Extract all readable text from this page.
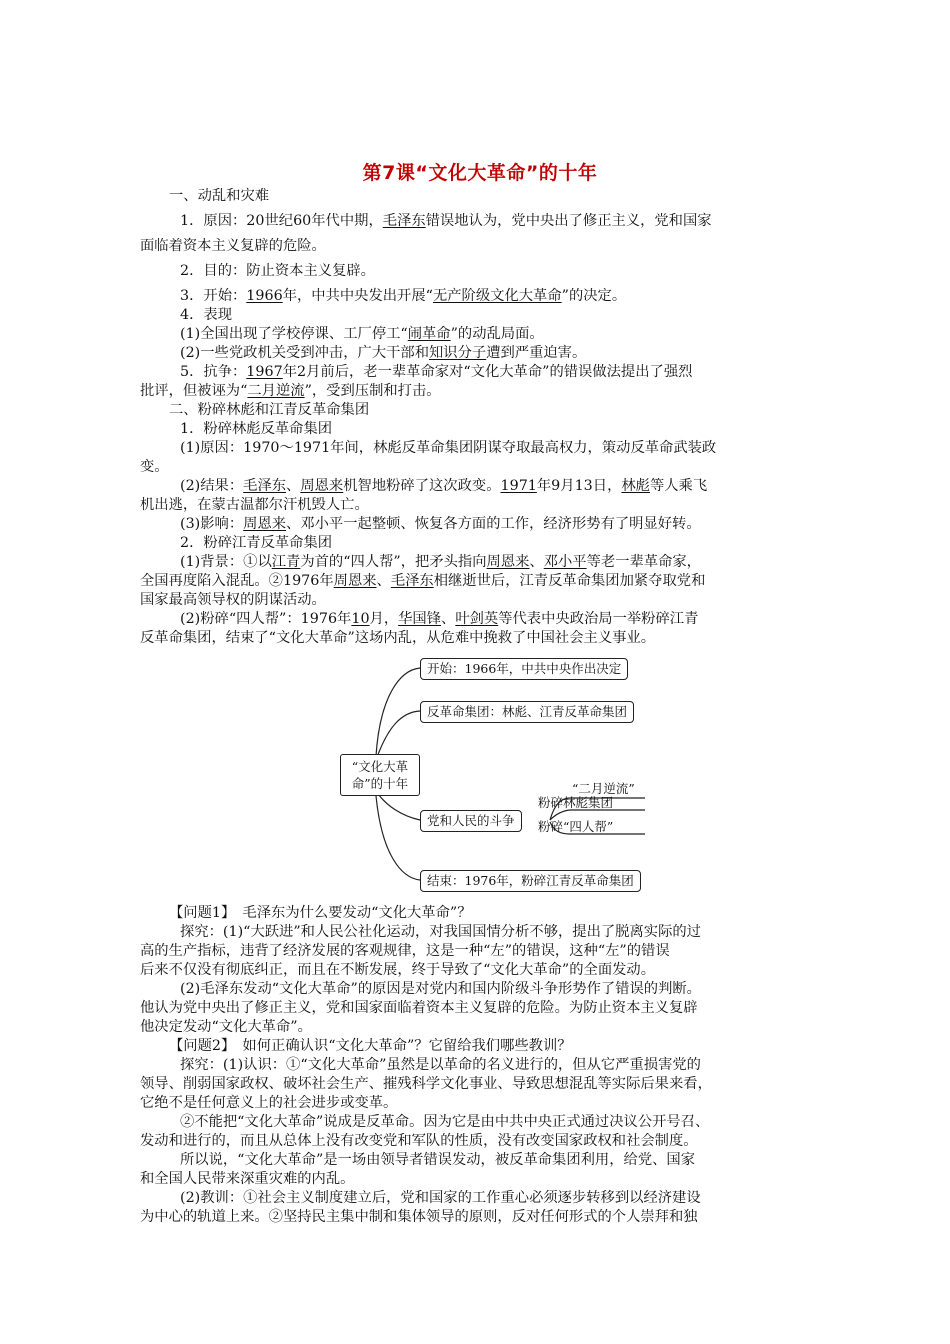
第7课“文化大革命”的十年
一、动乱和灾难
1．原因：20世纪60年代中期，毛泽东错误地认为，党中央出了修正主义，党和国家
面临着资本主义复辟的危险。
2．目的：防止资本主义复辟。
3．开始：1966年，中共中央发出开展“无产阶级文化大革命”的决定。
4．表现
(1)全国出现了学校停课、工厂停工“闹革命”的动乱局面。
(2)一些党政机关受到冲击，广大干部和知识分子遭到严重迫害。
5．抗争：1967年2月前后，老一辈革命家对“文化大革命”的错误做法提出了强烈
批评，但被诬为“二月逆流”，受到压制和打击。
二、粉碎林彪和江青反革命集团
1．粉碎林彪反革命集团
(1)原因：1970～1971年间，林彪反革命集团阴谋夺取最高权力，策动反革命武装政
变。
(2)结果：毛泽东、周恩来机智地粉碎了这次政变。1971年9月13日，林彪等人乘飞
机出逃，在蒙古温都尔汗机毁人亡。
(3)影响：周恩来、邓小平一起整顿、恢复各方面的工作，经济形势有了明显好转。
2．粉碎江青反革命集团
(1)背景：①以江青为首的“四人帮”，把矛头指向周恩来、邓小平等老一辈革命家，
全国再度陷入混乱。②1976年周恩来、毛泽东相继逝世后，江青反革命集团加紧夺取党和
国家最高领导权的阴谋活动。
(2)粉碎“四人帮”：1976年10月，华国锋、叶剑英等代表中央政治局一举粉碎江青
反革命集团，结束了“文化大革命”这场内乱，从危难中挽救了中国社会主义事业。
“文化大革
命”的十年
开始：1966年，中共中央作出决定
反革命集团：林彪、江青反革命集团
党和人民的斗争
“二月逆流”
粉碎林彪集团
粉碎“四人帮”
结束：1976年，粉碎江青反革命集团
【问题1】　毛泽东为什么要发动“文化大革命”？
探究：(1)“大跃进”和人民公社化运动，对我国国情分析不够，提出了脱离实际的过
高的生产指标，违背了经济发展的客观规律，这是一种“左”的错误，这种“左”的错误
后来不仅没有彻底纠正，而且在不断发展，终于导致了“文化大革命”的全面发动。
(2)毛泽东发动“文化大革命”的原因是对党内和国内阶级斗争形势作了错误的判断。
他认为党中央出了修正主义，党和国家面临着资本主义复辟的危险。为防止资本主义复辟
他决定发动“文化大革命”。
【问题2】　如何正确认识“文化大革命”？它留给我们哪些教训？
探究：(1)认识：①“文化大革命”虽然是以革命的名义进行的，但从它严重损害党的
领导、削弱国家政权、破坏社会生产、摧残科学文化事业、导致思想混乱等实际后果来看，
它绝不是任何意义上的社会进步或变革。
②不能把“文化大革命”说成是反革命。因为它是由中共中央正式通过决议公开号召、
发动和进行的，而且从总体上没有改变党和军队的性质，没有改变国家政权和社会制度。
所以说，“文化大革命”是一场由领导者错误发动，被反革命集团利用，给党、国家
和全国人民带来深重灾难的内乱。
(2)教训：①社会主义制度建立后，党和国家的工作重心必须逐步转移到以经济建设
为中心的轨道上来。②坚持民主集中制和集体领导的原则，反对任何形式的个人崇拜和独
